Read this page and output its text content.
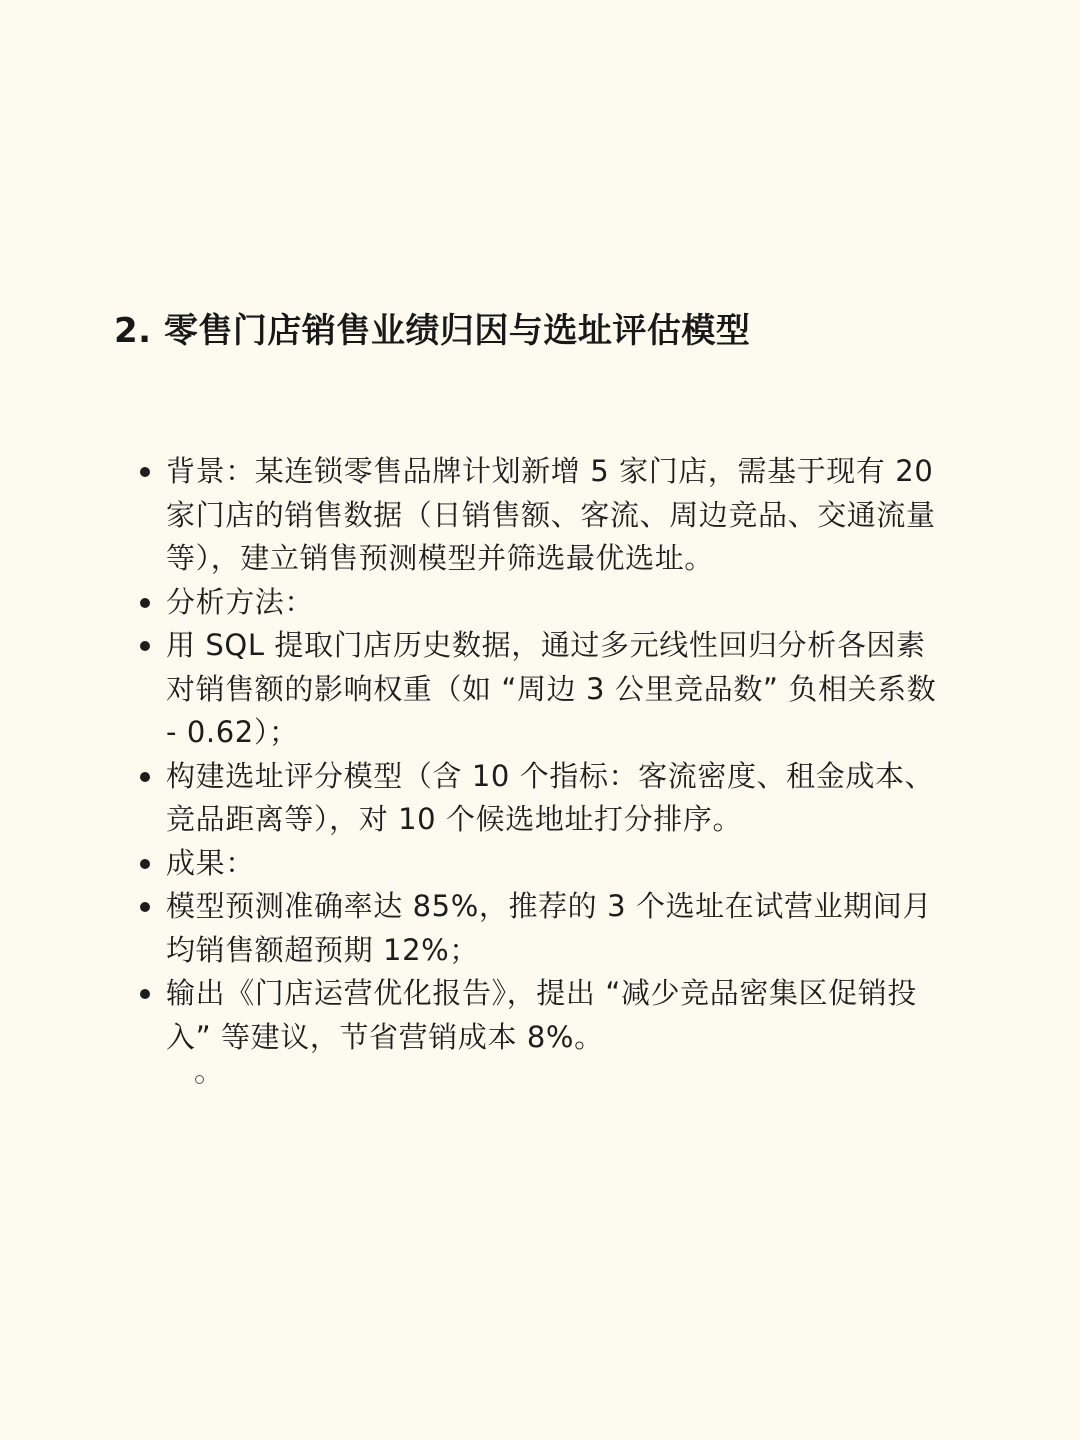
2. 零售门店销售业绩归因与选址评估模型
背景：某连锁零售品牌计划新增 5 家门店，需基于现有 20 家门店的销售数据（日销售额、客流、周边竞品、交通流量等），建立销售预测模型并筛选最优选址。
分析方法：
用 SQL 提取门店历史数据，通过多元线性回归分析各因素对销售额的影响权重（如 “周边 3 公里竞品数” 负相关系数 - 0.62）；
构建选址评分模型（含 10 个指标：客流密度、租金成本、竞品距离等），对 10 个候选地址打分排序。
成果：
模型预测准确率达 85%，推荐的 3 个选址在试营业期间月均销售额超预期 12%；
输出《门店运营优化报告》，提出 “减少竞品密集区促销投入” 等建议，节省营销成本 8%。
